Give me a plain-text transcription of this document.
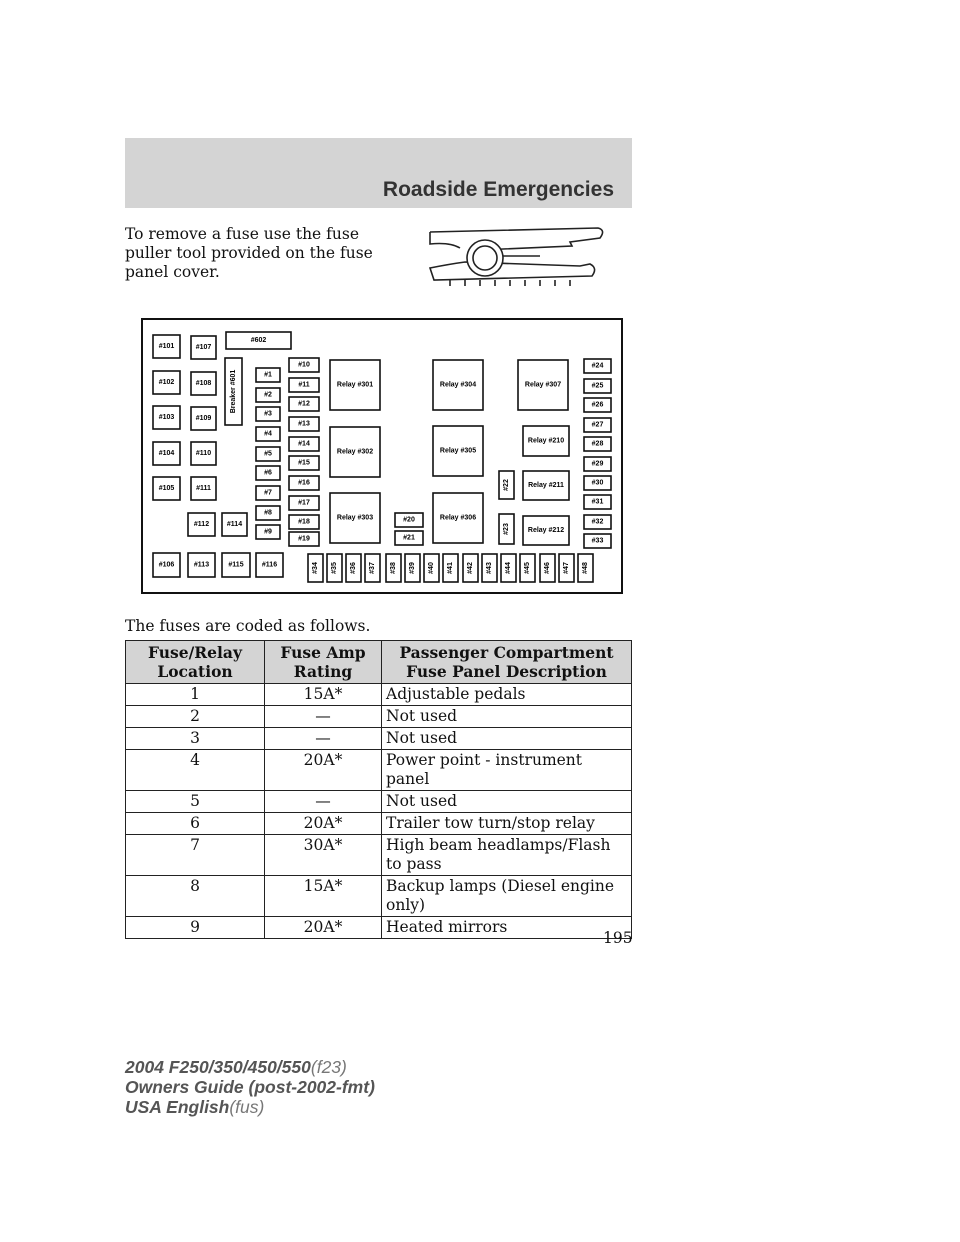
Roadside Emergencies
To remove a fuse use the fuse puller tool provided on the fuse panel cover.
#101	#107
#602
#102	#108
#103	#109
#104	#110
#105	#111
#112	#114
#106	#113	#115	#116
Breaker #601	#1
#2
#3
#4
#5
#6
#7
#8
#9
#10
#11
#12
#13
#14
#15
#16
#17
#18
#19
Relay #301
Relay #302
Relay #303
Relay #304
Relay #305
Relay #306
Relay #307
Relay #210
Relay #211
Relay #212
#20
#21
#22
#23
#24
#25
#26
#27
#28
#29
#30
#31
#32
#33
#34 #35 #36 #37 #38 #39 #40 #41 #42 #43 #44 #45 #46 #47 #48
The fuses are coded as follows.
Fuse/Relay Location	Fuse Amp Rating	Passenger Compartment Fuse Panel Description
1	15A*	Adjustable pedals
2	—	Not used
3	—	Not used
4	20A*	Power point - instrument panel
5	—	Not used
6	20A*	Trailer tow turn/stop relay
7	30A*	High beam headlamps/Flash to pass
8	15A*	Backup lamps (Diesel engine only)
9	20A*	Heated mirrors
195
2004 F250/350/450/550(f23)
Owners Guide (post-2002-fmt)
USA English(fus)
